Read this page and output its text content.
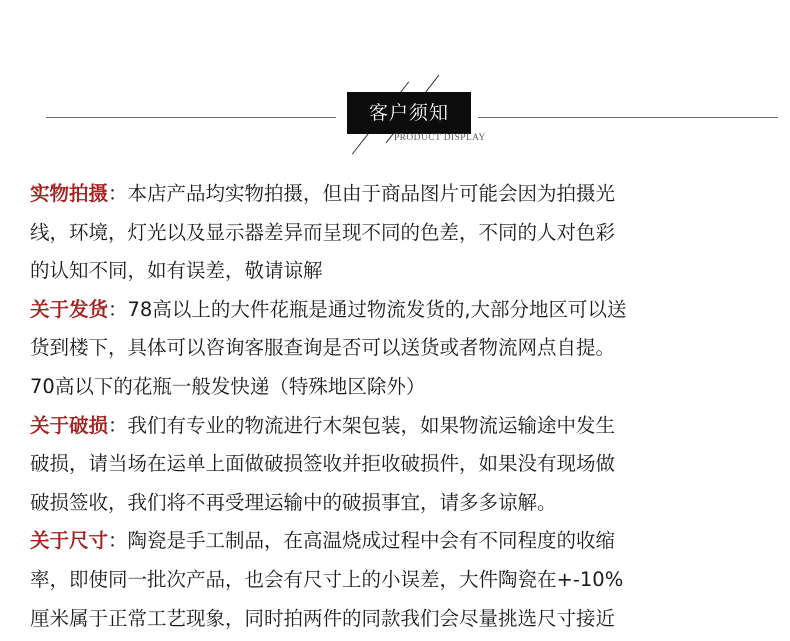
客户须知
PRODUCT DISPLAY
实物拍摄：本店产品均实物拍摄，但由于商品图片可能会因为拍摄光
线，环境，灯光以及显示器差异而呈现不同的色差，不同的人对色彩
的认知不同，如有误差，敬请谅解
关于发货：78高以上的大件花瓶是通过物流发货的,大部分地区可以送
货到楼下，具体可以咨询客服查询是否可以送货或者物流网点自提。
70高以下的花瓶一般发快递（特殊地区除外）
关于破损：我们有专业的物流进行木架包装，如果物流运输途中发生
破损，请当场在运单上面做破损签收并拒收破损件，如果没有现场做
破损签收，我们将不再受理运输中的破损事宜，请多多谅解。
关于尺寸：陶瓷是手工制品，在高温烧成过程中会有不同程度的收缩
率，即使同一批次产品，也会有尺寸上的小误差，大件陶瓷在+-10%
厘米属于正常工艺现象，同时拍两件的同款我们会尽量挑选尺寸接近
